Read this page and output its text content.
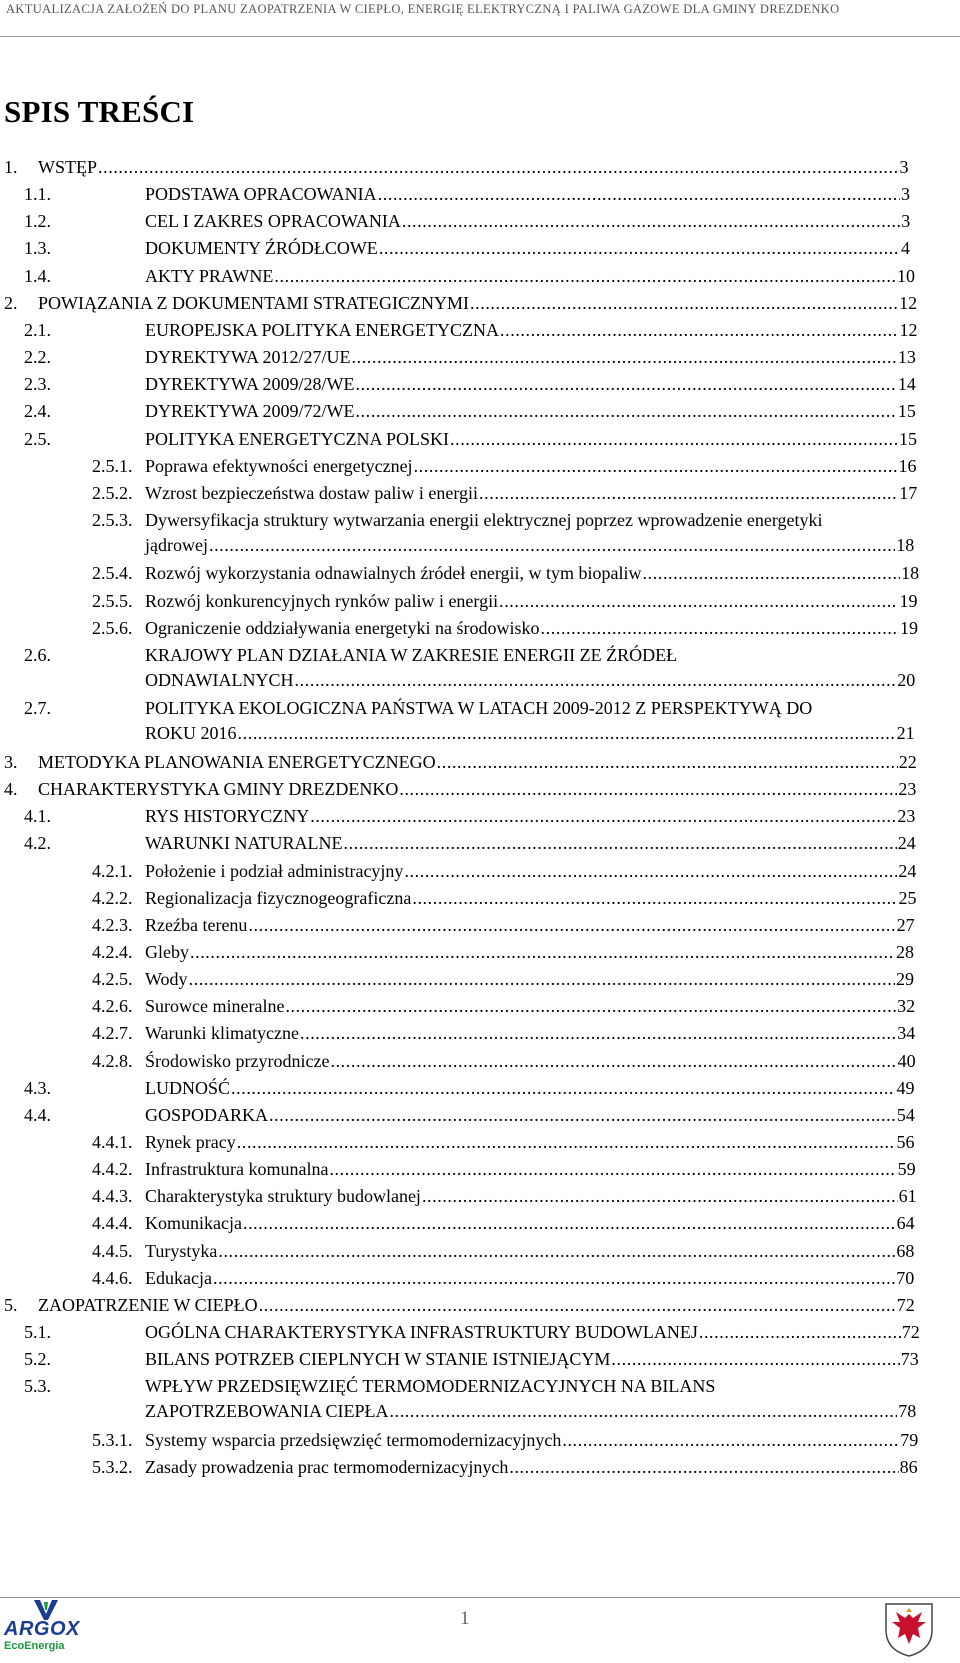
AKTUALIZACJA ZAŁOŻEŃ DO PLANU ZAOPATRZENIA W CIEPŁO, ENERGIĘ ELEKTRYCZNĄ I PALIWA GAZOWE DLA GMINY DREZDENKO
SPIS TREŚCI
1. WSTĘP .....	3
1.1.	PODSTAWA OPRACOWANIA .....	3
1.2.	CEL I ZAKRES OPRACOWANIA .....	3
1.3.	DOKUMENTY ŹRÓDŁCOWE .....	4
1.4.	AKTY PRAWNE .....	10
2. POWIĄZANIA Z DOKUMENTAMI STRATEGICZNYMI .....	12
2.1.	EUROPEJSKA POLITYKA ENERGETYCZNA .....	12
2.2.	DYREKTYWA 2012/27/UE .....	13
2.3.	DYREKTYWA 2009/28/WE .....	14
2.4.	DYREKTYWA 2009/72/WE .....	15
2.5.	POLITYKA ENERGETYCZNA POLSKI .....	15
2.5.1. Poprawa efektywności energetycznej .....	16
2.5.2. Wzrost bezpieczeństwa dostaw paliw i energii .....	17
2.5.3. Dywersyfikacja struktury wytwarzania energii elektrycznej poprzez wprowadzenie energetyki
jądrowej .....	18
2.5.4. Rozwój wykorzystania odnawialnych źródeł energii, w tym biopaliw .....	18
2.5.5. Rozwój konkurencyjnych rynków paliw i energii .....	19
2.5.6. Ograniczenie oddziaływania energetyki na środowisko .....	19
2.6.	KRAJOWY PLAN DZIAŁANIA W ZAKRESIE ENERGII ZE ŹRÓDEŁ
ODNAWIALNYCH .....	20
2.7.	POLITYKA EKOLOGICZNA PAŃSTWA W LATACH 2009-2012 Z PERSPEKTYWĄ DO
ROKU 2016 .....	21
3. METODYKA PLANOWANIA ENERGETYCZNEGO .....	22
4. CHARAKTERYSTYKA GMINY DREZDENKO .....	23
4.1.	RYS HISTORYCZNY .....	23
4.2.	WARUNKI NATURALNE .....	24
4.2.1. Położenie i podział administracyjny .....	24
4.2.2. Regionalizacja fizycznogeograficzna .....	25
4.2.3. Rzeźba terenu .....	27
4.2.4. Gleby .....	28
4.2.5. Wody .....	29
4.2.6. Surowce mineralne .....	32
4.2.7. Warunki klimatyczne .....	34
4.2.8. Środowisko przyrodnicze .....	40
4.3.	LUDNOŚĆ .....	49
4.4.	GOSPODARKA .....	54
4.4.1. Rynek pracy .....	56
4.4.2. Infrastruktura komunalna .....	59
4.4.3. Charakterystyka struktury budowlanej .....	61
4.4.4. Komunikacja .....	64
4.4.5. Turystyka .....	68
4.4.6. Edukacja .....	70
5. ZAOPATRZENIE W CIEPŁO .....	72
5.1.	OGÓLNA CHARAKTERYSTYKA INFRASTRUKTURY BUDOWLANEJ .....	72
5.2.	BILANS POTRZEB CIEPLNYCH W STANIE ISTNIEJĄCYM .....	73
5.3.	WPŁYW PRZEDSIĘWZIĘĆ TERMOMODERNIZACYJNYCH NA BILANS
ZAPOTRZEBOWANIA CIEPŁA .....	78
5.3.1. Systemy wsparcia przedsięwzięć termomodernizacyjnych .....	79
5.3.2. Zasady prowadzenia prac termomodernizacyjnych .....	86
ARGOX
EcoEnergia
1
